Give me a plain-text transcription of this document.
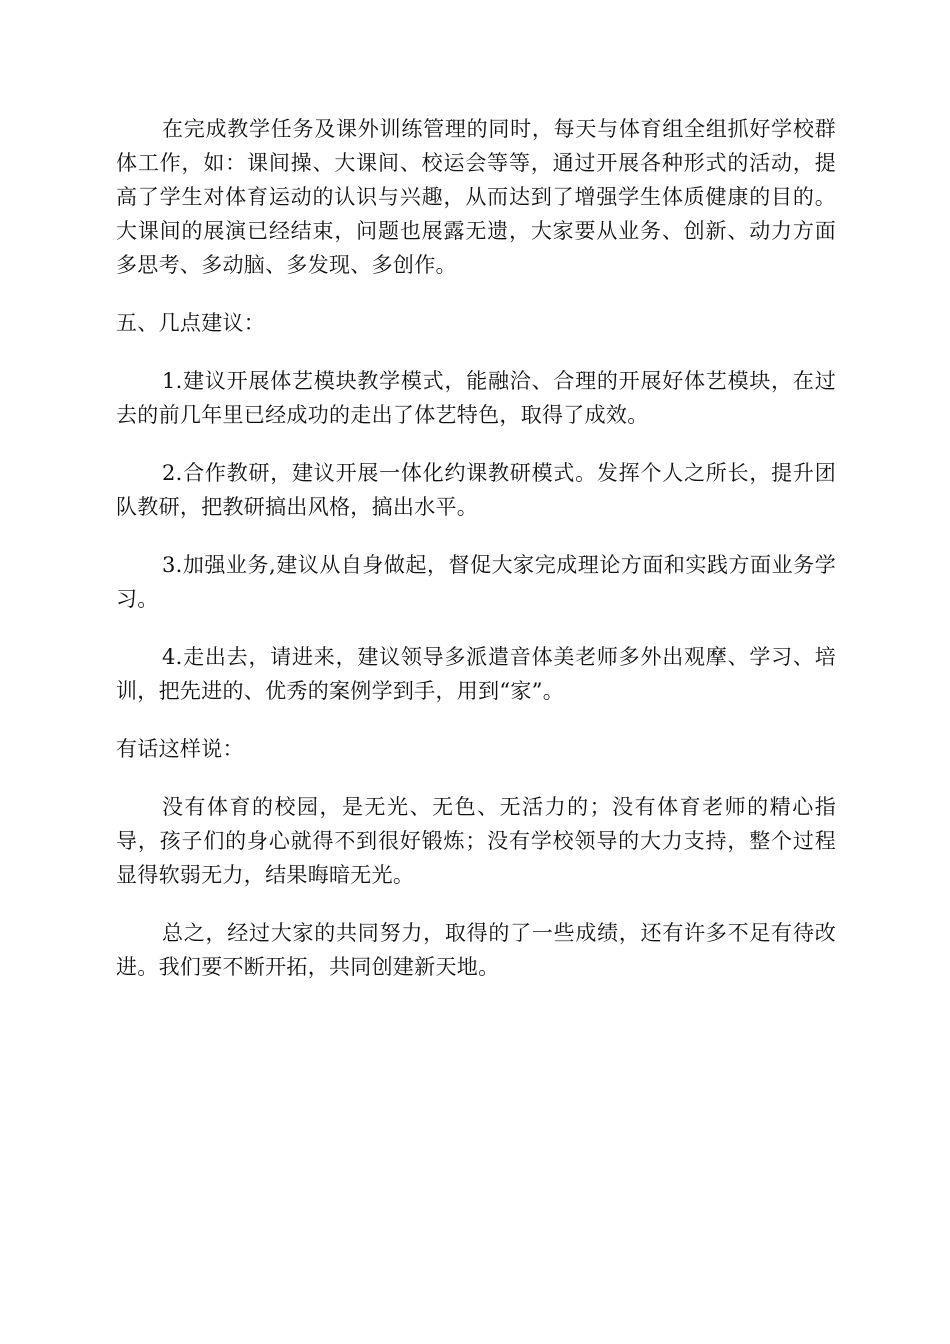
在完成教学任务及课外训练管理的同时，每天与体育组全组抓好学校群体工作，如：课间操、大课间、校运会等等，通过开展各种形式的活动，提高了学生对体育运动的认识与兴趣，从而达到了增强学生体质健康的目的。大课间的展演已经结束，问题也展露无遗，大家要从业务、创新、动力方面多思考、多动脑、多发现、多创作。

五、几点建议：

1.建议开展体艺模块教学模式，能融洽、合理的开展好体艺模块，在过去的前几年里已经成功的走出了体艺特色，取得了成效。

2.合作教研，建议开展一体化约课教研模式。发挥个人之所长，提升团队教研，把教研搞出风格，搞出水平。

3.加强业务,建议从自身做起，督促大家完成理论方面和实践方面业务学习。

4.走出去，请进来，建议领导多派遣音体美老师多外出观摩、学习、培训，把先进的、优秀的案例学到手，用到“家”。

有话这样说：

没有体育的校园，是无光、无色、无活力的；没有体育老师的精心指导，孩子们的身心就得不到很好锻炼；没有学校领导的大力支持，整个过程显得软弱无力，结果晦暗无光。

总之，经过大家的共同努力，取得的了一些成绩，还有许多不足有待改进。我们要不断开拓，共同创建新天地。
